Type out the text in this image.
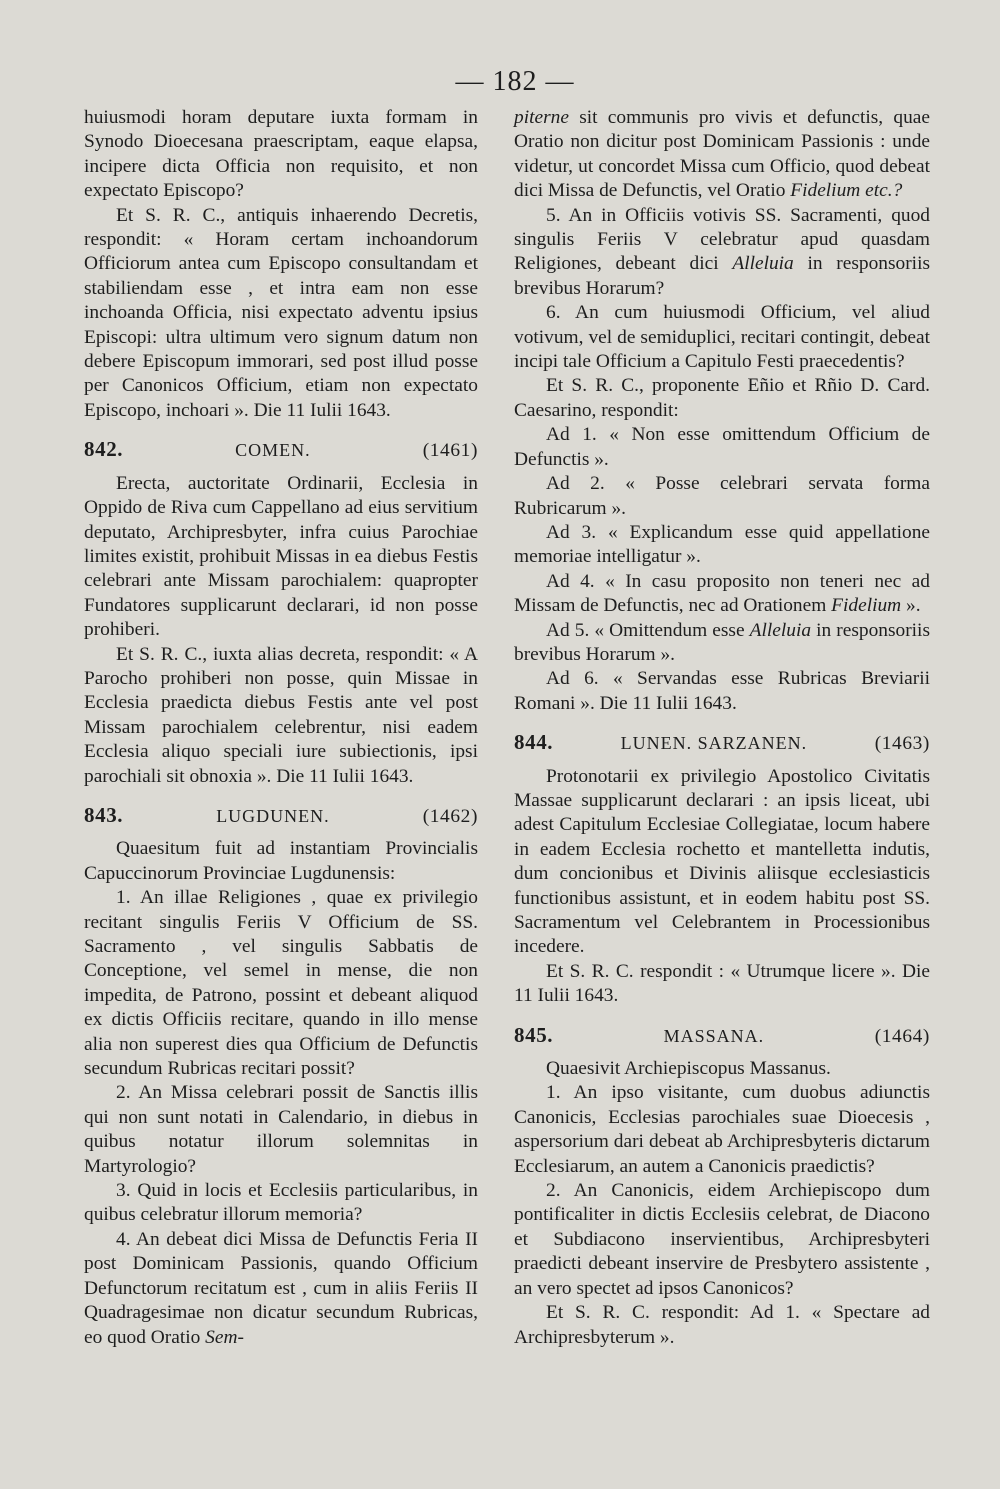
— 182 —

huiusmodi horam deputare iuxta formam in Synodo Dioecesana praescriptam, eaque elapsa, incipere dicta Officia non requisito, et non expectato Episcopo?

Et S. R. C., antiquis inhaerendo Decretis, respondit: « Horam certam inchoandorum Officiorum antea cum Episcopo consultandam et stabiliendam esse , et intra eam non esse inchoanda Officia, nisi expectato adventu ipsius Episcopi: ultra ultimum vero signum datum non debere Episcopum immorari, sed post illud posse per Canonicos Officium, etiam non expectato Episcopo, inchoari ». Die 11 Iulii 1643.

842.	COMEN.	(1461)

Erecta, auctoritate Ordinarii, Ecclesia in Oppido de Riva cum Cappellano ad eius servitium deputato, Archipresbyter, infra cuius Parochiae limites existit, prohibuit Missas in ea diebus Festis celebrari ante Missam parochialem: quapropter Fundatores supplicarunt declarari, id non posse prohiberi.

Et S. R. C., iuxta alias decreta, respondit: « A Parocho prohiberi non posse, quin Missae in Ecclesia praedicta diebus Festis ante vel post Missam parochialem celebrentur, nisi eadem Ecclesia aliquo speciali iure subiectionis, ipsi parochiali sit obnoxia ». Die 11 Iulii 1643.

843.	LUGDUNEN.	(1462)

Quaesitum fuit ad instantiam Provincialis Capuccinorum Provinciae Lugdunensis:

1. An illae Religiones , quae ex privilegio recitant singulis Feriis V Officium de SS. Sacramento , vel singulis Sabbatis de Conceptione, vel semel in mense, die non impedita, de Patrono, possint et debeant aliquod ex dictis Officiis recitare, quando in illo mense alia non superest dies qua Officium de Defunctis secundum Rubricas recitari possit?

2. An Missa celebrari possit de Sanctis illis qui non sunt notati in Calendario, in diebus in quibus notatur illorum solemnitas in Martyrologio?

3. Quid in locis et Ecclesiis particularibus, in quibus celebratur illorum memoria?

4. An debeat dici Missa de Defunctis Feria II post Dominicam Passionis, quando Officium Defunctorum recitatum est , cum in aliis Feriis II Quadragesimae non dicatur secundum Rubricas, eo quod Oratio Sem-

piterne sit communis pro vivis et defunctis, quae Oratio non dicitur post Dominicam Passionis : unde videtur, ut concordet Missa cum Officio, quod debeat dici Missa de Defunctis, vel Oratio Fidelium etc.?

5. An in Officiis votivis SS. Sacramenti, quod singulis Feriis V celebratur apud quasdam Religiones, debeant dici Alleluia in responsoriis brevibus Horarum?

6. An cum huiusmodi Officium, vel aliud votivum, vel de semiduplici, recitari contingit, debeat incipi tale Officium a Capitulo Festi praecedentis?

Et S. R. C., proponente Eñio et Rñio D. Card. Caesarino, respondit:

Ad 1. « Non esse omittendum Officium de Defunctis ».

Ad 2. « Posse celebrari servata forma Rubricarum ».

Ad 3. « Explicandum esse quid appellatione memoriae intelligatur ».

Ad 4. « In casu proposito non teneri nec ad Missam de Defunctis, nec ad Orationem Fidelium ».

Ad 5. « Omittendum esse Alleluia in responsoriis brevibus Horarum ».

Ad 6. « Servandas esse Rubricas Breviarii Romani ». Die 11 Iulii 1643.

844.	LUNEN. SARZANEN.	(1463)

Protonotarii ex privilegio Apostolico Civitatis Massae supplicarunt declarari : an ipsis liceat, ubi adest Capitulum Ecclesiae Collegiatae, locum habere in eadem Ecclesia rochetto et mantelletta indutis, dum concionibus et Divinis aliisque ecclesiasticis functionibus assistunt, et in eodem habitu post SS. Sacramentum vel Celebrantem in Processionibus incedere.

Et S. R. C. respondit : « Utrumque licere ». Die 11 Iulii 1643.

845.	MASSANA.	(1464)

Quaesivit Archiepiscopus Massanus.

1. An ipso visitante, cum duobus adiunctis Canonicis, Ecclesias parochiales suae Dioecesis , aspersorium dari debeat ab Archipresbyteris dictarum Ecclesiarum, an autem a Canonicis praedictis?

2. An Canonicis, eidem Archiepiscopo dum pontificaliter in dictis Ecclesiis celebrat, de Diacono et Subdiacono inservientibus, Archipresbyteri praedicti debeant inservire de Presbytero assistente , an vero spectet ad ipsos Canonicos?

Et S. R. C. respondit: Ad 1. « Spectare ad Archipresbyterum ».
